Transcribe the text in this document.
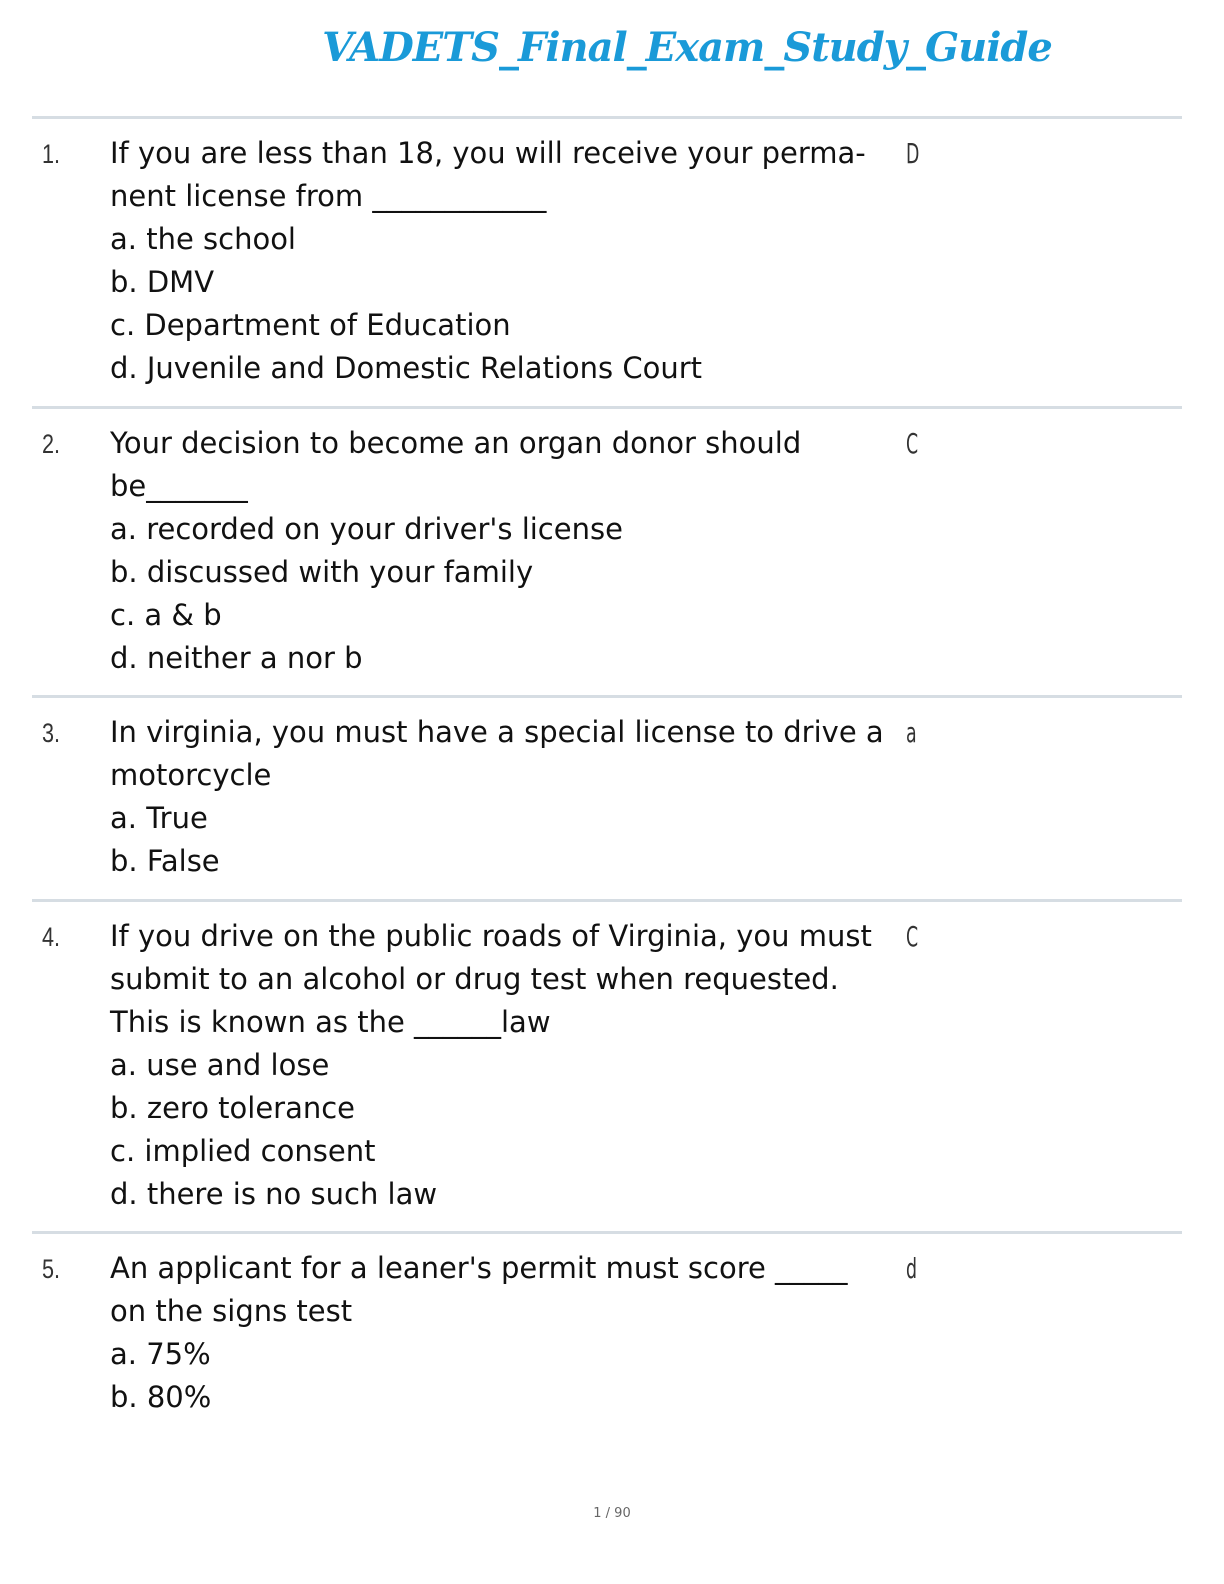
VADETS_Final_Exam_Study_Guide
1. If you are less than 18, you will receive your perma- nent license from ____________
a. the school
b. DMV
c. Department of Education
d. Juvenile and Domestic Relations Court
D
2. Your decision to become an organ donor should be_______
a. recorded on your driver's license
b. discussed with your family
c. a & b
d. neither a nor b
C
3. In virginia, you must have a special license to drive a motorcycle
a. True
b. False
a
4. If you drive on the public roads of Virginia, you must submit to an alcohol or drug test when requested. This is known as the ______law
a. use and lose
b. zero tolerance
c. implied consent
d. there is no such law
C
5. An applicant for a leaner's permit must score _____ on the signs test
a. 75%
b. 80%
d
1 / 90
